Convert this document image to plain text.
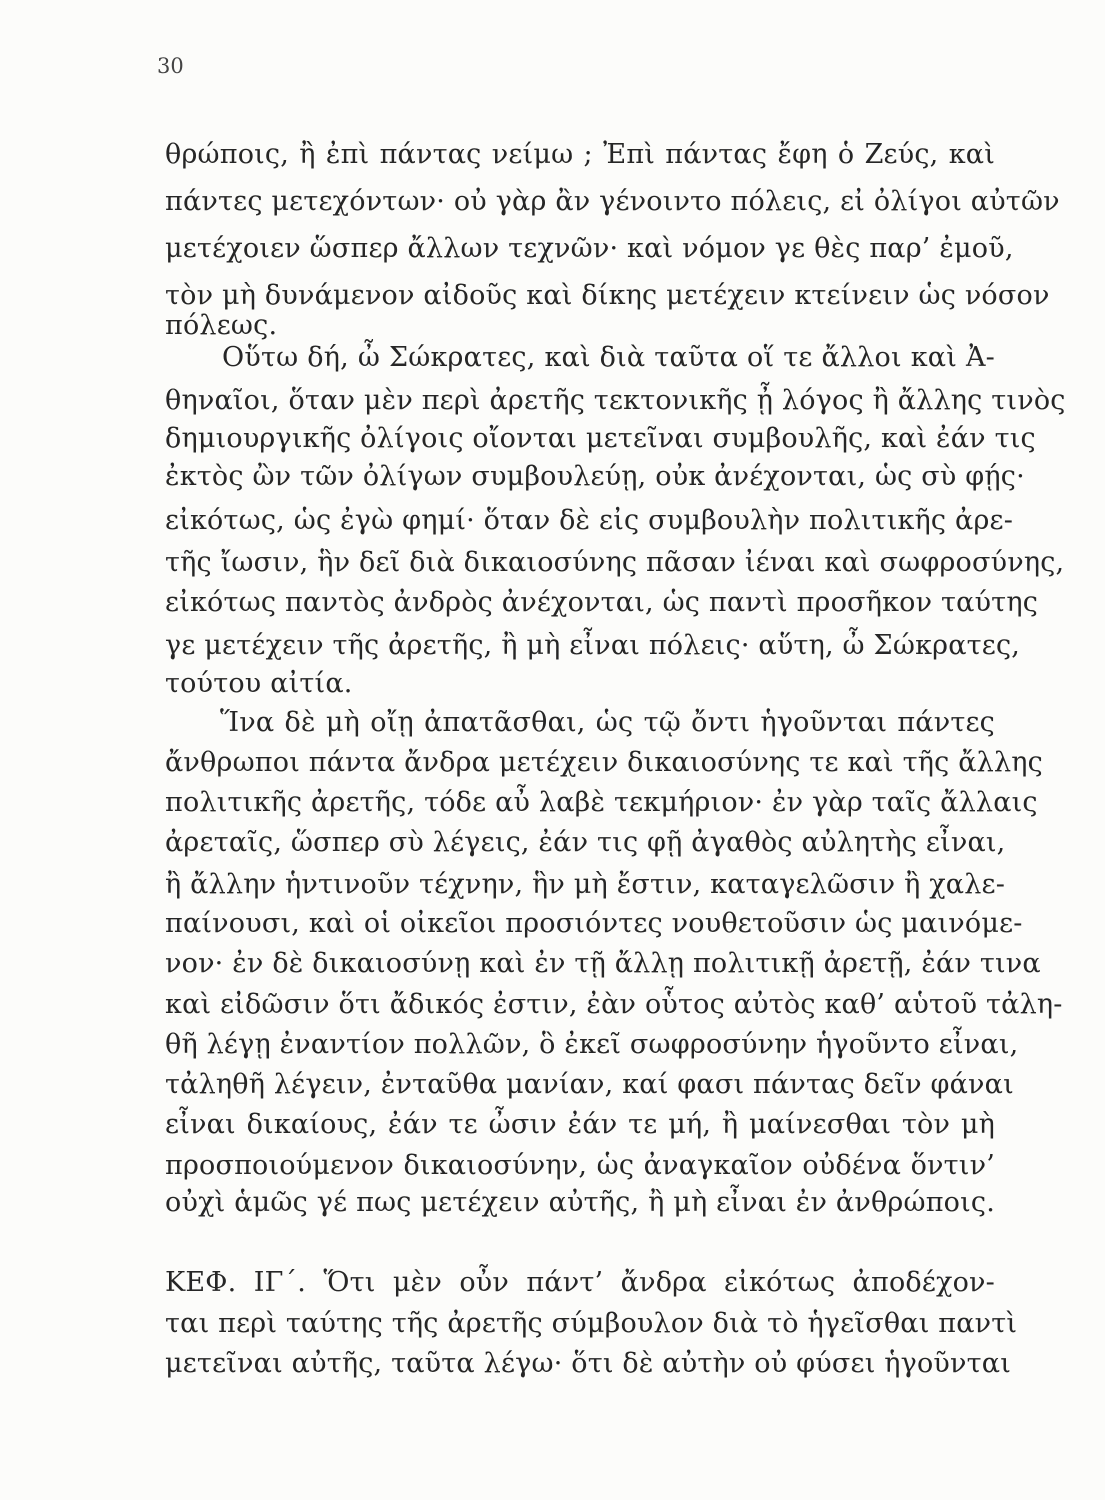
30
θρώποις, ἢ ἐπὶ πάντας νείμω ; Ἐπὶ πάντας ἔφη ὁ Ζεύς, καὶ
πάντες μετεχόντων· οὐ γὰρ ἂν γένοιντο πόλεις, εἰ ὀλίγοι αὐτῶν
μετέχοιεν ὥσπερ ἄλλων τεχνῶν· καὶ νόμον γε θὲς παρ’ ἐμοῦ,
τὸν μὴ δυνάμενον αἰδοῦς καὶ δίκης μετέχειν κτείνειν ὡς νόσον
πόλεως.
Οὕτω δή, ὦ Σώκρατες, καὶ διὰ ταῦτα οἵ τε ἄλλοι καὶ Ἀ-
θηναῖοι, ὅταν μὲν περὶ ἀρετῆς τεκτονικῆς ᾖ λόγος ἢ ἄλλης τινὸς
δημιουργικῆς ὀλίγοις οἴονται μετεῖναι συμβουλῆς, καὶ ἐάν τις
ἐκτὸς ὢν τῶν ὀλίγων συμβουλεύῃ, οὐκ ἀνέχονται, ὡς σὺ φῄς·
εἰκότως, ὡς ἐγὼ φημί· ὅταν δὲ εἰς συμβουλὴν πολιτικῆς ἀρε-
τῆς ἴωσιν, ἣν δεῖ διὰ δικαιοσύνης πᾶσαν ἰέναι καὶ σωφροσύνης,
εἰκότως παντὸς ἀνδρὸς ἀνέχονται, ὡς παντὶ προσῆκον ταύτης
γε μετέχειν τῆς ἀρετῆς, ἢ μὴ εἶναι πόλεις· αὕτη, ὦ Σώκρατες,
τούτου αἰτία.
Ἵνα δὲ μὴ οἴῃ ἀπατᾶσθαι, ὡς τῷ ὄντι ἡγοῦνται πάντες
ἄνθρωποι πάντα ἄνδρα μετέχειν δικαιοσύνης τε καὶ τῆς ἄλλης
πολιτικῆς ἀρετῆς, τόδε αὖ λαβὲ τεκμήριον· ἐν γὰρ ταῖς ἄλλαις
ἀρεταῖς, ὥσπερ σὺ λέγεις, ἐάν τις φῇ ἀγαθὸς αὐλητὴς εἶναι,
ἢ ἄλλην ἡντινοῦν τέχνην, ἣν μὴ ἔστιν, καταγελῶσιν ἢ χαλε-
παίνουσι, καὶ οἱ οἰκεῖοι προσιόντες νουθετοῦσιν ὡς μαινόμε-
νον· ἐν δὲ δικαιοσύνῃ καὶ ἐν τῇ ἄλλῃ πολιτικῇ ἀρετῇ, ἐάν τινα
καὶ εἰδῶσιν ὅτι ἄδικός ἐστιν, ἐὰν οὗτος αὐτὸς καθ’ αὑτοῦ τἀλη-
θῆ λέγῃ ἐναντίον πολλῶν, ὃ ἐκεῖ σωφροσύνην ἡγοῦντο εἶναι,
τἀληθῆ λέγειν, ἐνταῦθα μανίαν, καί φασι πάντας δεῖν φάναι
εἶναι δικαίους, ἐάν τε ὦσιν ἐάν τε μή, ἢ μαίνεσθαι τὸν μὴ
προσποιούμενον δικαιοσύνην, ὡς ἀναγκαῖον οὐδένα ὅντιν’
οὐχὶ ἁμῶς γέ πως μετέχειν αὐτῆς, ἢ μὴ εἶναι ἐν ἀνθρώποις.
ΚΕΦ. ΙΓ΄. Ὅτι μὲν οὖν πάντ’ ἄνδρα εἰκότως ἀποδέχον-
ται περὶ ταύτης τῆς ἀρετῆς σύμβουλον διὰ τὸ ἡγεῖσθαι παντὶ
μετεῖναι αὐτῆς, ταῦτα λέγω· ὅτι δὲ αὐτὴν οὐ φύσει ἡγοῦνται
